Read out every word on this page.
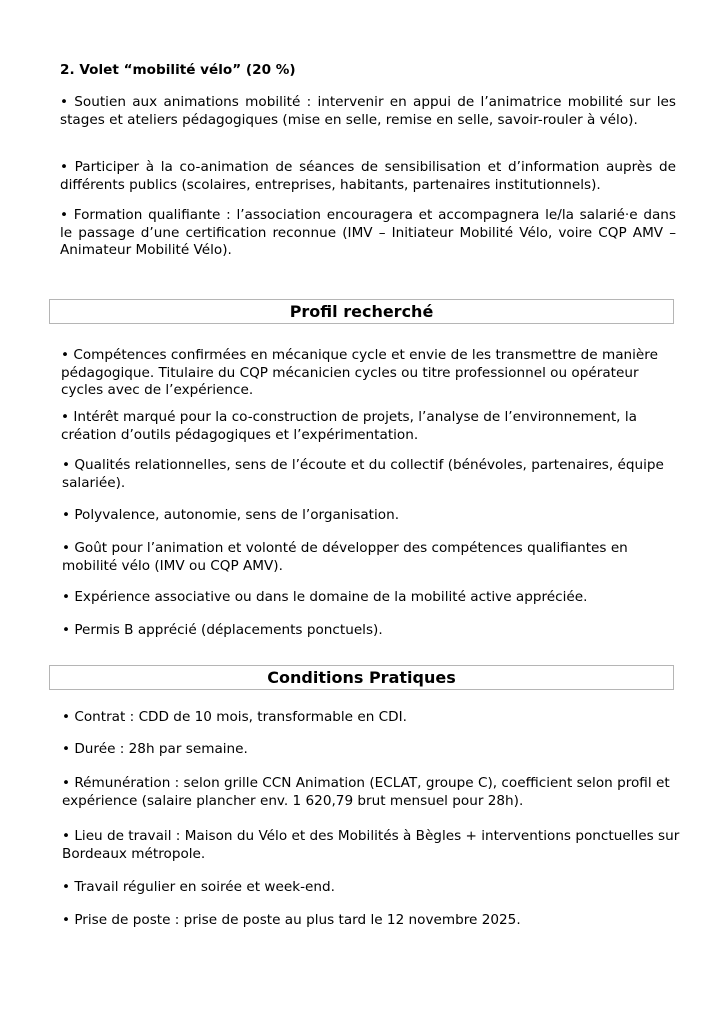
2. Volet “mobilité vélo” (20 %)
• Soutien aux animations mobilité : intervenir en appui de l’animatrice mobilité sur les stages et ateliers pédagogiques (mise en selle, remise en selle, savoir-rouler à vélo).
• Participer à la co-animation de séances de sensibilisation et d’information auprès de différents publics (scolaires, entreprises, habitants, partenaires institutionnels).
• Formation qualifiante : l’association encouragera et accompagnera le/la salarié·e dans le passage d’une certification reconnue (IMV – Initiateur Mobilité Vélo, voire CQP AMV – Animateur Mobilité Vélo).
Profil recherché
• Compétences confirmées en mécanique cycle et envie de les transmettre de manière pédagogique. Titulaire du CQP mécanicien cycles ou titre professionnel ou opérateur cycles avec de l’expérience.
• Intérêt marqué pour la co-construction de projets, l’analyse de l’environnement, la création d’outils pédagogiques et l’expérimentation.
• Qualités relationnelles, sens de l’écoute et du collectif (bénévoles, partenaires, équipe salariée).
• Polyvalence, autonomie, sens de l’organisation.
• Goût pour l’animation et volonté de développer des compétences qualifiantes en mobilité vélo (IMV ou CQP AMV).
• Expérience associative ou dans le domaine de la mobilité active appréciée.
• Permis B apprécié (déplacements ponctuels).
Conditions Pratiques
• Contrat : CDD de 10 mois, transformable en CDI.
• Durée : 28h par semaine.
• Rémunération : selon grille CCN Animation (ECLAT, groupe C), coefficient selon profil et expérience (salaire plancher env. 1 620,79 brut mensuel pour 28h).
• Lieu de travail : Maison du Vélo et des Mobilités à Bègles + interventions ponctuelles sur Bordeaux métropole.
• Travail régulier en soirée et week-end.
• Prise de poste : prise de poste au plus tard le 12 novembre 2025.
